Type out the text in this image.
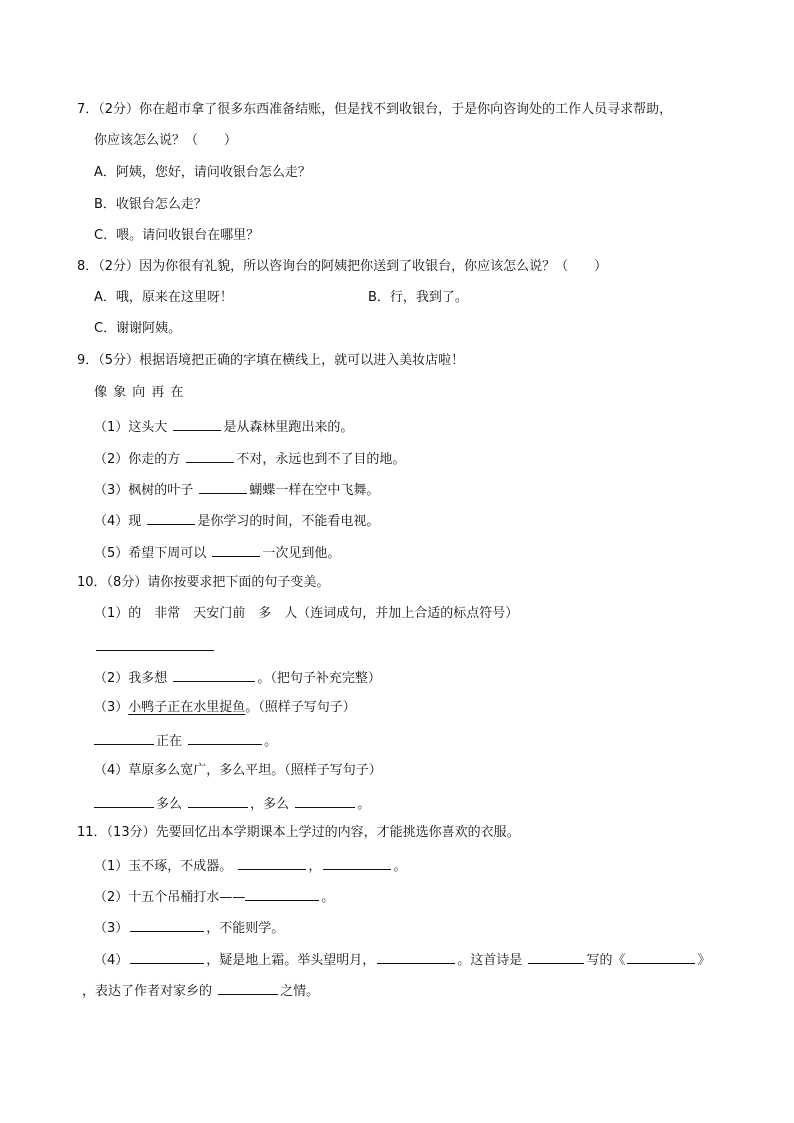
7．（2分）你在超市拿了很多东西准备结账，但是找不到收银台，于是你向咨询处的工作人员寻求帮助，
你应该怎么说？（　　）
A．阿姨，您好，请问收银台怎么走？
B．收银台怎么走？
C．喂。请问收银台在哪里？
8．（2分）因为你很有礼貌，所以咨询台的阿姨把你送到了收银台，你应该怎么说？（　　）
A．哦，原来在这里呀！	B．行，我到了。
C．谢谢阿姨。
9．（5分）根据语境把正确的字填在横线上，就可以进入美妆店啦！
像 象 向 再 在
（1）这头大	是从森林里跑出来的。
（2）你走的方	不对，永远也到不了目的地。
（3）枫树的叶子	蝴蝶一样在空中飞舞。
（4）现	是你学习的时间，不能看电视。
（5）希望下周可以	一次见到他。
10．（8分）请你按要求把下面的句子变美。
（1）的　非常　天安门前　多　人（连词成句，并加上合适的标点符号）
（2）我多想	。（把句子补充完整）
（3）小鸭子正在水里捉鱼。（照样子写句子）
正在	。
（4）草原多么宽广，多么平坦。（照样子写句子）
多么	，多么	。
11．（13分）先要回忆出本学期课本上学过的内容，才能挑选你喜欢的衣服。
（1）玉不琢，不成器。	，	。
（2）十五个吊桶打水——	。
（3）	，不能则学。
（4）	，疑是地上霜。举头望明月，	。这首诗是	写的《	》
，表达了作者对家乡的	之情。
